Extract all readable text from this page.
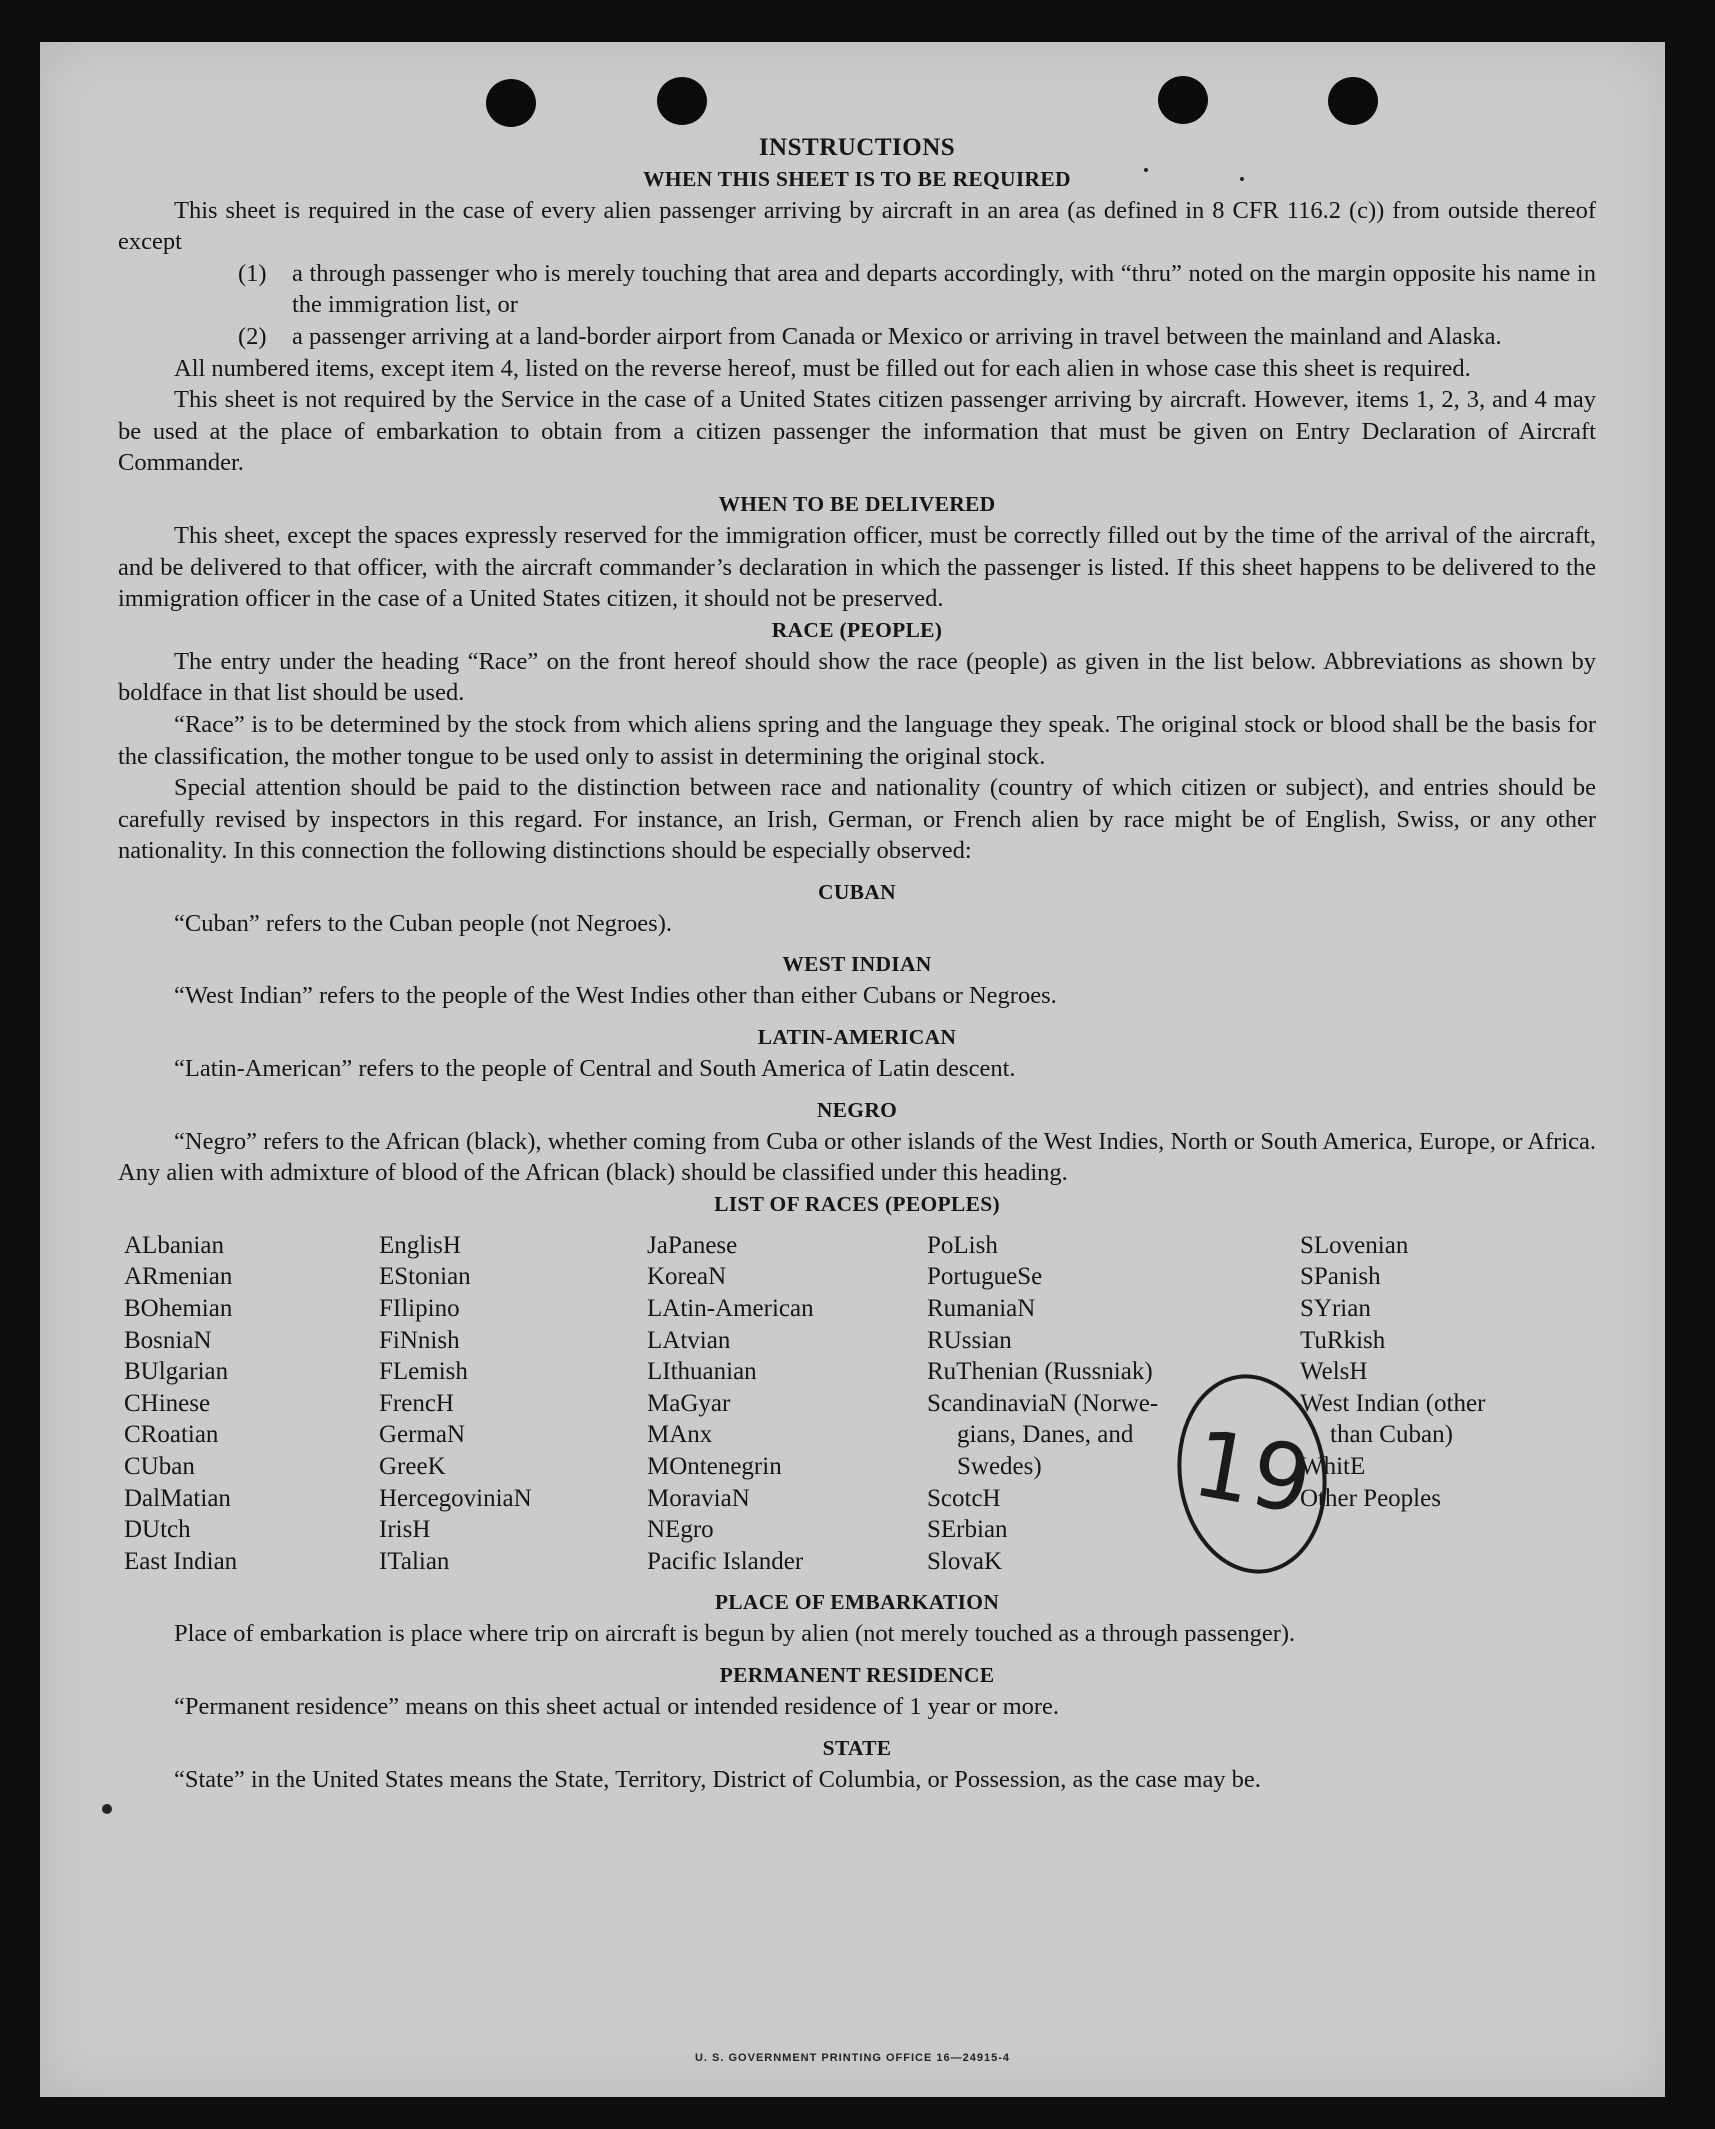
INSTRUCTIONS
WHEN THIS SHEET IS TO BE REQUIRED

This sheet is required in the case of every alien passenger arriving by aircraft in an area (as defined in 8 CFR 116.2 (c)) from outside thereof except

(1) a through passenger who is merely touching that area and departs accordingly, with “thru” noted on the margin opposite his name in the immigration list, or
(2) a passenger arriving at a land-border airport from Canada or Mexico or arriving in travel between the mainland and Alaska.

All numbered items, except item 4, listed on the reverse hereof, must be filled out for each alien in whose case this sheet is required.

This sheet is not required by the Service in the case of a United States citizen passenger arriving by aircraft. However, items 1, 2, 3, and 4 may be used at the place of embarkation to obtain from a citizen passenger the information that must be given on Entry Declaration of Aircraft Commander.

WHEN TO BE DELIVERED

This sheet, except the spaces expressly reserved for the immigration officer, must be correctly filled out by the time of the arrival of the aircraft, and be delivered to that officer, with the aircraft commander’s declaration in which the passenger is listed. If this sheet happens to be delivered to the immigration officer in the case of a United States citizen, it should not be preserved.

RACE (PEOPLE)

The entry under the heading “Race” on the front hereof should show the race (people) as given in the list below. Abbreviations as shown by boldface in that list should be used.

“Race” is to be determined by the stock from which aliens spring and the language they speak. The original stock or blood shall be the basis for the classification, the mother tongue to be used only to assist in determining the original stock.

Special attention should be paid to the distinction between race and nationality (country of which citizen or subject), and entries should be carefully revised by inspectors in this regard. For instance, an Irish, German, or French alien by race might be of English, Swiss, or any other nationality. In this connection the following distinctions should be especially observed:

CUBAN

“Cuban” refers to the Cuban people (not Negroes).

WEST INDIAN

“West Indian” refers to the people of the West Indies other than either Cubans or Negroes.

LATIN-AMERICAN

“Latin-American” refers to the people of Central and South America of Latin descent.

NEGRO

“Negro” refers to the African (black), whether coming from Cuba or other islands of the West Indies, North or South America, Europe, or Africa. Any alien with admixture of blood of the African (black) should be classified under this heading.

LIST OF RACES (PEOPLES)
ALbanian
ARmenian
BOhemian
BosniaN
BUlgarian
CHinese
CRoatian
CUban
DalMatian
DUtch
East Indian
EnglisH
EStonian
FIlipino
FiNnish
FLemish
FrencH
GermaN
GreeK
HercegoviniaN
IrisH
ITalian
JaPanese
KoreaN
LAtin-American
LAtvian
LIthuanian
MaGyar
MAnx
MOntenegrin
MoraviaN
NEgro
Pacific Islander
PoLish
PortugueSe
RumaniaN
RUssian
RuThenian (Russniak)
ScandinaviaN (Norwe-
gians, Danes, and
Swedes)
ScotcH
SErbian
SlovaK
SLovenian
SPanish
SYrian
TuRkish
WelsH
West Indian (other
than Cuban)
WhitE
Other Peoples
PLACE OF EMBARKATION

Place of embarkation is place where trip on aircraft is begun by alien (not merely touched as a through passenger).

PERMANENT RESIDENCE

“Permanent residence” means on this sheet actual or intended residence of 1 year or more.

STATE

“State” in the United States means the State, Territory, District of Columbia, or Possession, as the case may be.

19
U. S. GOVERNMENT PRINTING OFFICE 16—24915-4
